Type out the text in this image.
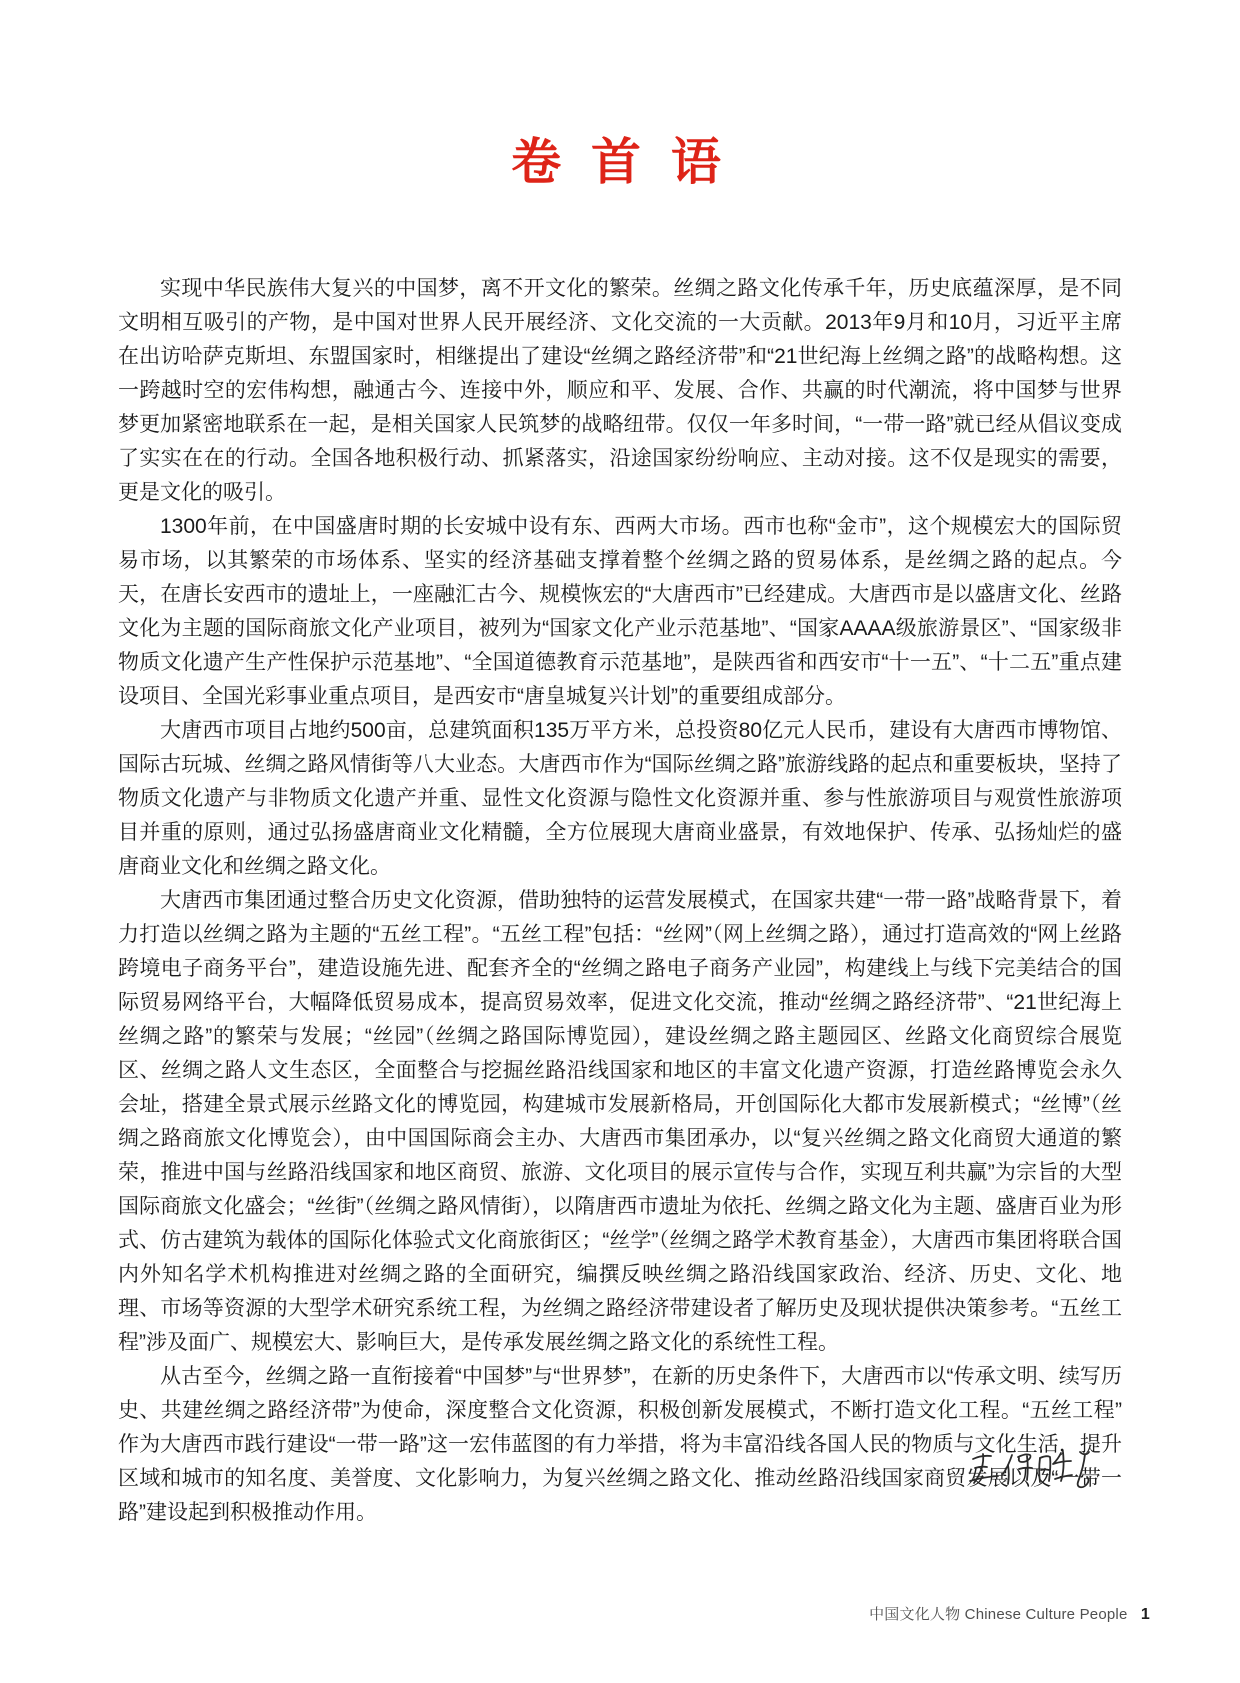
卷 首 语

实现中华民族伟大复兴的中国梦，离不开文化的繁荣。丝绸之路文化传承千年，历史底蕴深厚，是不同文明相互吸引的产物，是中国对世界人民开展经济、文化交流的一大贡献。2013年9月和10月，习近平主席在出访哈萨克斯坦、东盟国家时，相继提出了建设“丝绸之路经济带”和“21世纪海上丝绸之路”的战略构想。这一跨越时空的宏伟构想，融通古今、连接中外，顺应和平、发展、合作、共赢的时代潮流，将中国梦与世界梦更加紧密地联系在一起，是相关国家人民筑梦的战略纽带。仅仅一年多时间，“一带一路”就已经从倡议变成了实实在在的行动。全国各地积极行动、抓紧落实，沿途国家纷纷响应、主动对接。这不仅是现实的需要，更是文化的吸引。

1300年前，在中国盛唐时期的长安城中设有东、西两大市场。西市也称“金市”，这个规模宏大的国际贸易市场，以其繁荣的市场体系、坚实的经济基础支撑着整个丝绸之路的贸易体系，是丝绸之路的起点。今天，在唐长安西市的遗址上，一座融汇古今、规模恢宏的“大唐西市”已经建成。大唐西市是以盛唐文化、丝路文化为主题的国际商旅文化产业项目，被列为“国家文化产业示范基地”、“国家AAAA级旅游景区”、“国家级非物质文化遗产生产性保护示范基地”、“全国道德教育示范基地”，是陕西省和西安市“十一五”、“十二五”重点建设项目、全国光彩事业重点项目，是西安市“唐皇城复兴计划”的重要组成部分。

大唐西市项目占地约500亩，总建筑面积135万平方米，总投资80亿元人民币，建设有大唐西市博物馆、国际古玩城、丝绸之路风情街等八大业态。大唐西市作为“国际丝绸之路”旅游线路的起点和重要板块，坚持了物质文化遗产与非物质文化遗产并重、显性文化资源与隐性文化资源并重、参与性旅游项目与观赏性旅游项目并重的原则，通过弘扬盛唐商业文化精髓，全方位展现大唐商业盛景，有效地保护、传承、弘扬灿烂的盛唐商业文化和丝绸之路文化。

大唐西市集团通过整合历史文化资源，借助独特的运营发展模式，在国家共建“一带一路”战略背景下，着力打造以丝绸之路为主题的“五丝工程”。“五丝工程”包括：“丝网”（网上丝绸之路），通过打造高效的“网上丝路跨境电子商务平台”，建造设施先进、配套齐全的“丝绸之路电子商务产业园”，构建线上与线下完美结合的国际贸易网络平台，大幅降低贸易成本，提高贸易效率，促进文化交流，推动“丝绸之路经济带”、“21世纪海上丝绸之路”的繁荣与发展；“丝园”（丝绸之路国际博览园），建设丝绸之路主题园区、丝路文化商贸综合展览区、丝绸之路人文生态区，全面整合与挖掘丝路沿线国家和地区的丰富文化遗产资源，打造丝路博览会永久会址，搭建全景式展示丝路文化的博览园，构建城市发展新格局，开创国际化大都市发展新模式；“丝博”（丝绸之路商旅文化博览会），由中国国际商会主办、大唐西市集团承办，以“复兴丝绸之路文化商贸大通道的繁荣，推进中国与丝路沿线国家和地区商贸、旅游、文化项目的展示宣传与合作，实现互利共赢”为宗旨的大型国际商旅文化盛会；“丝街”（丝绸之路风情街），以隋唐西市遗址为依托、丝绸之路文化为主题、盛唐百业为形式、仿古建筑为载体的国际化体验式文化商旅街区；“丝学”（丝绸之路学术教育基金），大唐西市集团将联合国内外知名学术机构推进对丝绸之路的全面研究，编撰反映丝绸之路沿线国家政治、经济、历史、文化、地理、市场等资源的大型学术研究系统工程，为丝绸之路经济带建设者了解历史及现状提供决策参考。“五丝工程”涉及面广、规模宏大、影响巨大，是传承发展丝绸之路文化的系统性工程。

从古至今，丝绸之路一直衔接着“中国梦”与“世界梦”，在新的历史条件下，大唐西市以“传承文明、续写历史、共建丝绸之路经济带”为使命，深度整合文化资源，积极创新发展模式，不断打造文化工程。“五丝工程”作为大唐西市践行建设“一带一路”这一宏伟蓝图的有力举措，将为丰富沿线各国人民的物质与文化生活，提升区域和城市的知名度、美誉度、文化影响力，为复兴丝绸之路文化、推动丝路沿线国家商贸发展以及“一带一路”建设起到积极推动作用。

中国文化人物 Chinese Culture People 1
